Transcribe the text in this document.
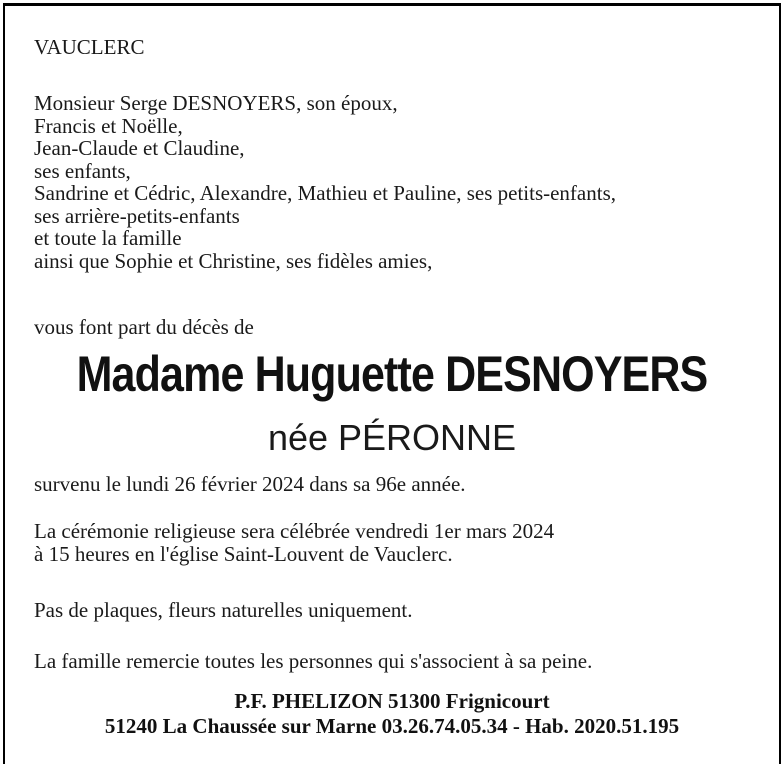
VAUCLERC
Monsieur Serge DESNOYERS, son époux,
Francis et Noëlle,
Jean-Claude et Claudine,
ses enfants,
Sandrine et Cédric, Alexandre, Mathieu et Pauline, ses petits-enfants,
ses arrière-petits-enfants
et toute la famille
ainsi que Sophie et Christine, ses fidèles amies,
vous font part du décès de
Madame Huguette DESNOYERS
née PÉRONNE
survenu le lundi 26 février 2024 dans sa 96e année.
La cérémonie religieuse sera célébrée vendredi 1er mars 2024
à 15 heures en l'église Saint-Louvent de Vauclerc.
Pas de plaques, fleurs naturelles uniquement.
La famille remercie toutes les personnes qui s'associent à sa peine.
P.F. PHELIZON 51300 Frignicourt
51240 La Chaussée sur Marne 03.26.74.05.34 - Hab. 2020.51.195
